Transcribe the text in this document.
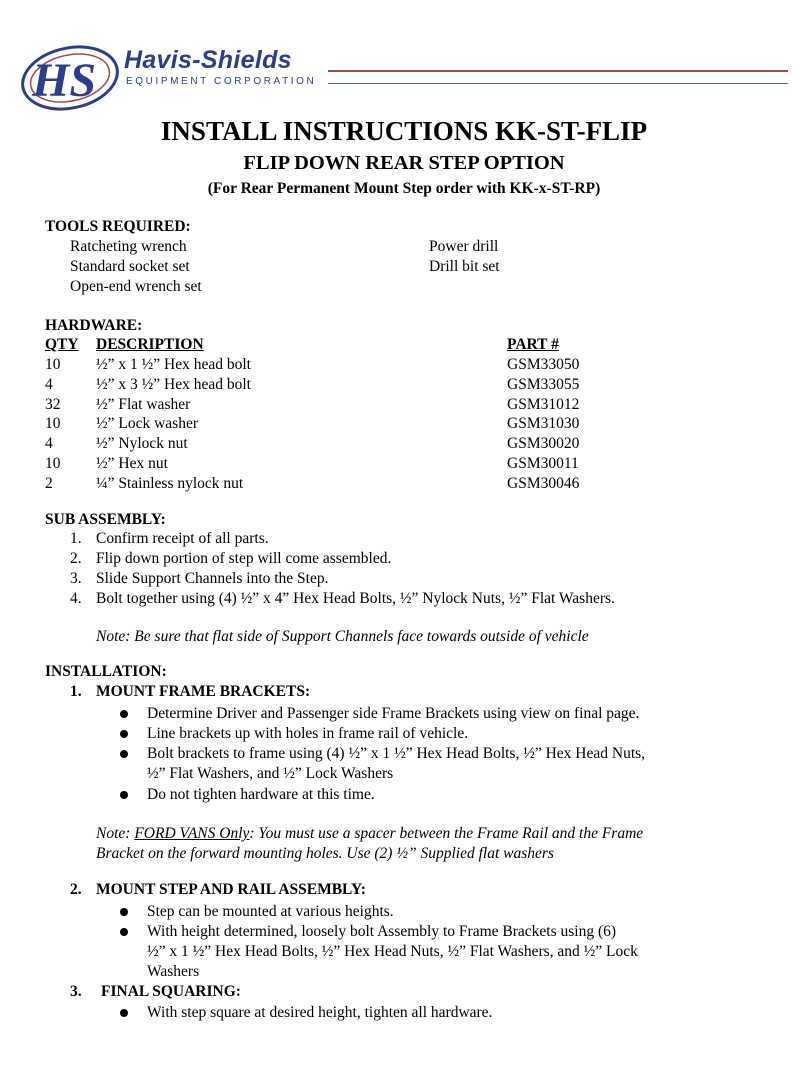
HS Havis-Shields
EQUIPMENT CORPORATION
INSTALL INSTRUCTIONS KK-ST-FLIP
FLIP DOWN REAR STEP OPTION
(For Rear Permanent Mount Step order with KK-x-ST-RP)
TOOLS REQUIRED:
Ratcheting wrench
Standard socket set
Open-end wrench set
Power drill
Drill bit set
HARDWARE:
QTY DESCRIPTION	PART #
10 ½” x 1 ½” Hex head bolt	GSM33050
4	½” x 3 ½” Hex head bolt	GSM33055
32 ½” Flat washer	GSM31012
10 ½” Lock washer	GSM31030
4	½” Nylock nut	GSM30020
10 ½” Hex nut	GSM30011
2	¼” Stainless nylock nut	GSM30046
SUB ASSEMBLY:
1. Confirm receipt of all parts.
2. Flip down portion of step will come assembled.
3. Slide Support Channels into the Step.
4. Bolt together using (4) ½” x 4” Hex Head Bolts, ½” Nylock Nuts, ½” Flat Washers.
Note: Be sure that flat side of Support Channels face towards outside of vehicle
INSTALLATION:
1. MOUNT FRAME BRACKETS:
Determine Driver and Passenger side Frame Brackets using view on final page.
Line brackets up with holes in frame rail of vehicle.
Bolt brackets to frame using (4) ½” x 1 ½” Hex Head Bolts, ½” Hex Head Nuts,
½” Flat Washers, and ½” Lock Washers
Do not tighten hardware at this time.
Note: FORD VANS Only: You must use a spacer between the Frame Rail and the Frame
Bracket on the forward mounting holes. Use (2) ½” Supplied flat washers
2. MOUNT STEP AND RAIL ASSEMBLY:
Step can be mounted at various heights.
With height determined, loosely bolt Assembly to Frame Brackets using (6)
½” x 1 ½” Hex Head Bolts, ½” Hex Head Nuts, ½” Flat Washers, and ½” Lock
Washers
3. FINAL SQUARING:
With step square at desired height, tighten all hardware.
